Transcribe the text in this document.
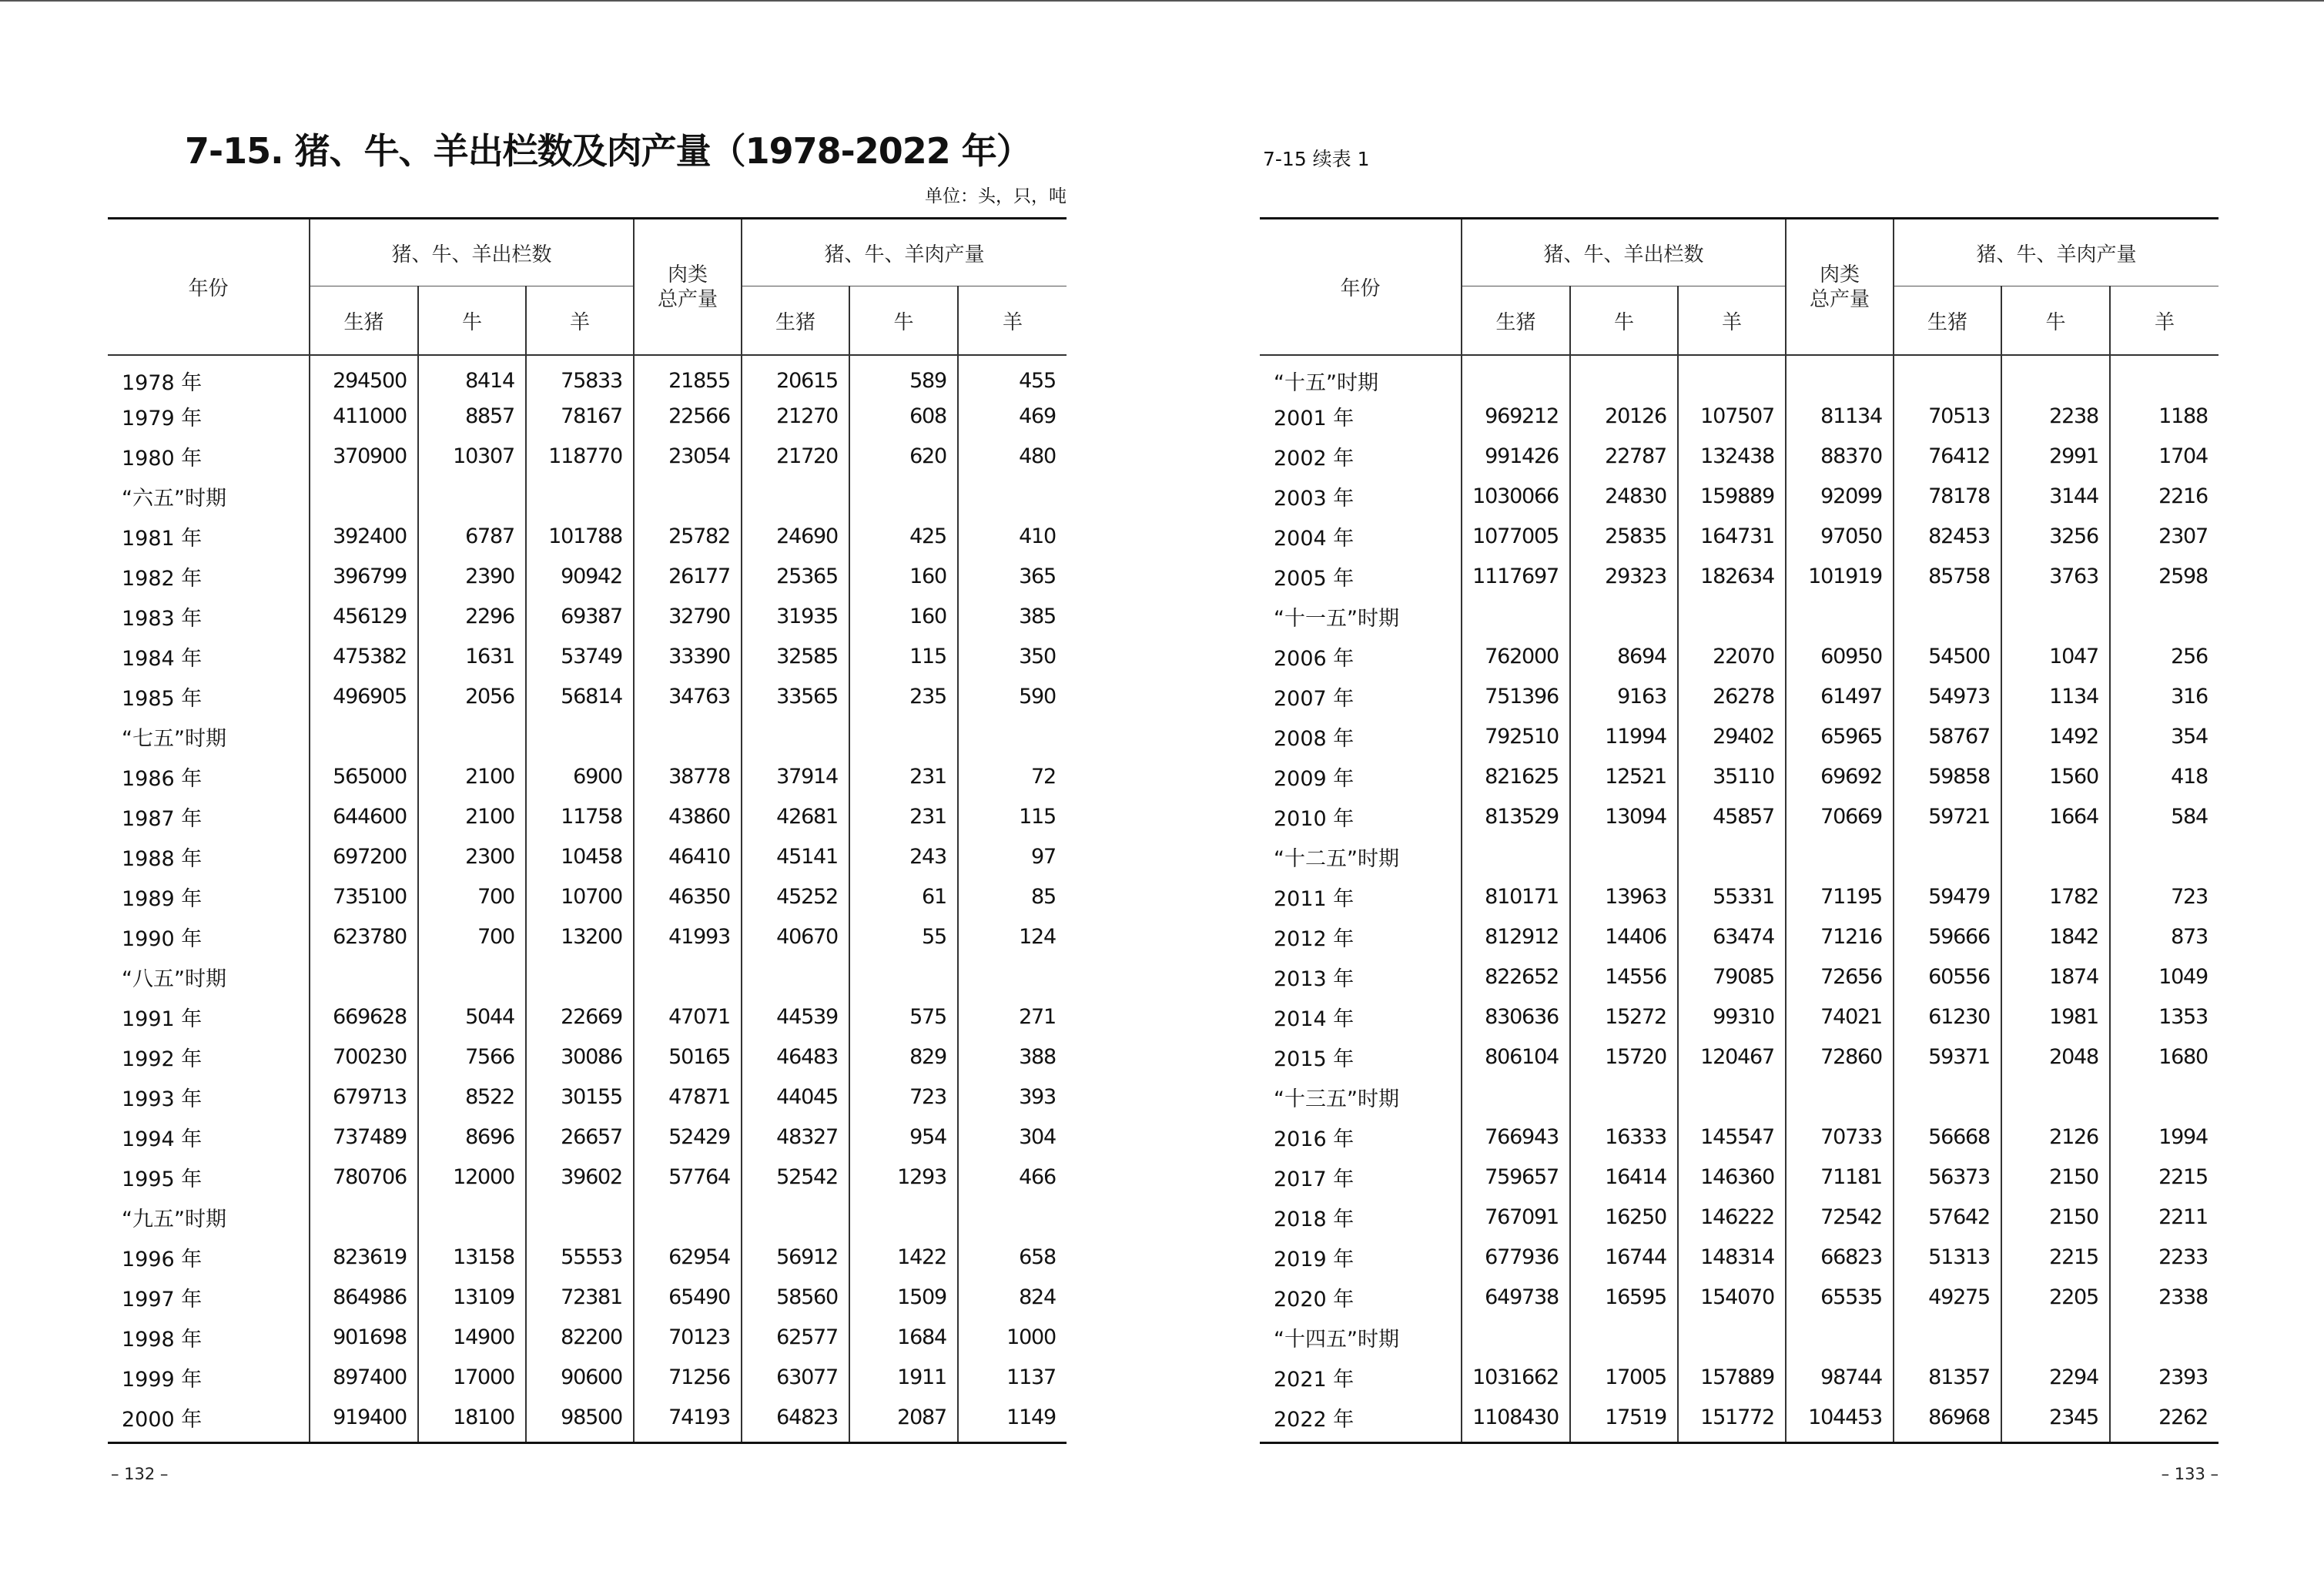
7-15. 猪、牛、羊出栏数及肉产量（1978-2022 年）
单位：头，只，吨
年份	猪、牛、羊出栏数			肉类
总产量	猪、牛、羊肉产量		
	生猪	牛	羊		生猪	牛	羊
1978 年	294500	8414	75833	21855	20615	589	455
1979 年	411000	8857	78167	22566	21270	608	469
1980 年	370900	10307	118770	23054	21720	620	480
“六五”时期							
1981 年	392400	6787	101788	25782	24690	425	410
1982 年	396799	2390	90942	26177	25365	160	365
1983 年	456129	2296	69387	32790	31935	160	385
1984 年	475382	1631	53749	33390	32585	115	350
1985 年	496905	2056	56814	34763	33565	235	590
“七五”时期							
1986 年	565000	2100	6900	38778	37914	231	72
1987 年	644600	2100	11758	43860	42681	231	115
1988 年	697200	2300	10458	46410	45141	243	97
1989 年	735100	700	10700	46350	45252	61	85
1990 年	623780	700	13200	41993	40670	55	124
“八五”时期							
1991 年	669628	5044	22669	47071	44539	575	271
1992 年	700230	7566	30086	50165	46483	829	388
1993 年	679713	8522	30155	47871	44045	723	393
1994 年	737489	8696	26657	52429	48327	954	304
1995 年	780706	12000	39602	57764	52542	1293	466
“九五”时期							
1996 年	823619	13158	55553	62954	56912	1422	658
1997 年	864986	13109	72381	65490	58560	1509	824
1998 年	901698	14900	82200	70123	62577	1684	1000
1999 年	897400	17000	90600	71256	63077	1911	1137
2000 年	919400	18100	98500	74193	64823	2087	1149
– 132 –
7-15 续表 1
年份	猪、牛、羊出栏数			肉类
总产量	猪、牛、羊肉产量		
	生猪	牛	羊		生猪	牛	羊
“十五”时期							
2001 年	969212	20126	107507	81134	70513	2238	1188
2002 年	991426	22787	132438	88370	76412	2991	1704
2003 年	1030066	24830	159889	92099	78178	3144	2216
2004 年	1077005	25835	164731	97050	82453	3256	2307
2005 年	1117697	29323	182634	101919	85758	3763	2598
“十一五”时期							
2006 年	762000	8694	22070	60950	54500	1047	256
2007 年	751396	9163	26278	61497	54973	1134	316
2008 年	792510	11994	29402	65965	58767	1492	354
2009 年	821625	12521	35110	69692	59858	1560	418
2010 年	813529	13094	45857	70669	59721	1664	584
“十二五”时期							
2011 年	810171	13963	55331	71195	59479	1782	723
2012 年	812912	14406	63474	71216	59666	1842	873
2013 年	822652	14556	79085	72656	60556	1874	1049
2014 年	830636	15272	99310	74021	61230	1981	1353
2015 年	806104	15720	120467	72860	59371	2048	1680
“十三五”时期							
2016 年	766943	16333	145547	70733	56668	2126	1994
2017 年	759657	16414	146360	71181	56373	2150	2215
2018 年	767091	16250	146222	72542	57642	2150	2211
2019 年	677936	16744	148314	66823	51313	2215	2233
2020 年	649738	16595	154070	65535	49275	2205	2338
“十四五”时期							
2021 年	1031662	17005	157889	98744	81357	2294	2393
2022 年	1108430	17519	151772	104453	86968	2345	2262
– 133 –
